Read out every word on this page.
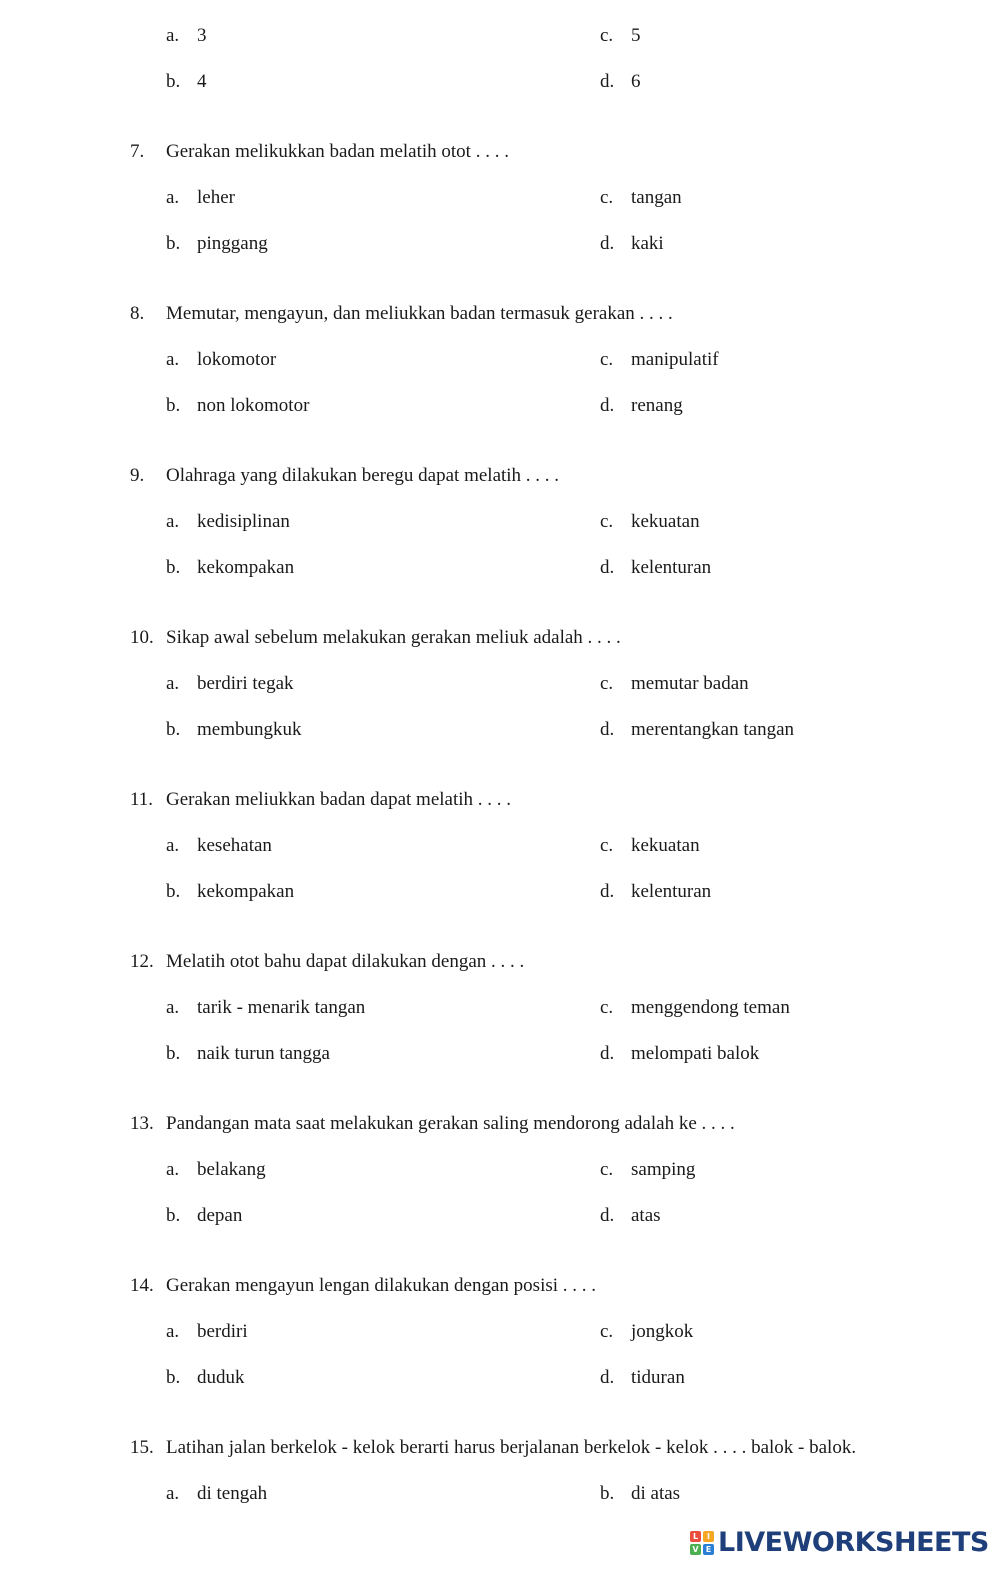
a. 3	c. 5
b. 4	d. 6
7. Gerakan melikukkan badan melatih otot . . . .
a. leher	c. tangan
b. pinggang	d. kaki
8. Memutar, mengayun, dan meliukkan badan termasuk gerakan . . . .
a. lokomotor	c. manipulatif
b. non lokomotor	d. renang
9. Olahraga yang dilakukan beregu dapat melatih . . . .
a. kedisiplinan	c. kekuatan
b. kekompakan	d. kelenturan
10. Sikap awal sebelum melakukan gerakan meliuk adalah . . . .
a. berdiri tegak	c. memutar badan
b. membungkuk	d. merentangkan tangan
11. Gerakan meliukkan badan dapat melatih . . . .
a. kesehatan	c. kekuatan
b. kekompakan	d. kelenturan
12. Melatih otot bahu dapat dilakukan dengan . . . .
a. tarik - menarik tangan	c. menggendong teman
b. naik turun tangga	d. melompati balok
13. Pandangan mata saat melakukan gerakan saling mendorong adalah ke . . . .
a. belakang	c. samping
b. depan	d. atas
14. Gerakan mengayun lengan dilakukan dengan posisi . . . .
a. berdiri	c. jongkok
b. duduk	d. tiduran
15. Latihan jalan berkelok - kelok berarti harus berjalanan berkelok - kelok . . . . balok - balok.
a. di tengah	b. di atas
L	I
V E LIVEWORKSHEETS
